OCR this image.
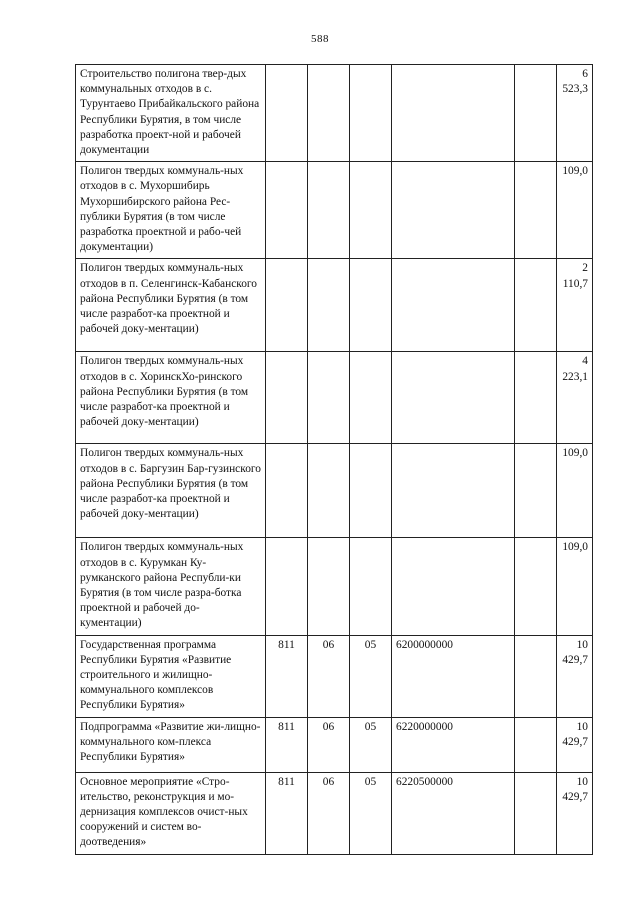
588
Строительство полигона твер-дых коммунальных отходов в с. Турунтаево Прибайкальского района Республики Бурятия, в том числе разработка проект-ной и рабочей документации						6 523,3
Полигон твердых коммуналь-ных отходов в с. Мухоршибирь Мухоршибирского района Рес-публики Бурятия (в том числе разработка проектной и рабо-чей документации)						109,0
Полигон твердых коммуналь-ных отходов в п. Селенгинск-Кабанского района Республики Бурятия (в том числе разработ-ка проектной и рабочей доку-ментации)						2 110,7
Полигон твердых коммуналь-ных отходов в с. ХоринскХо-ринского района Республики Бурятия (в том числе разработ-ка проектной и рабочей доку-ментации)						4 223,1
Полигон твердых коммуналь-ных отходов в с. Баргузин Бар-гузинского района Республики Бурятия (в том числе разработ-ка проектной и рабочей доку-ментации)						109,0
Полигон твердых коммуналь-ных отходов в с. Курумкан Ку-румканского района Республи-ки Бурятия (в том числе разра-ботка проектной и рабочей до-кументации)						109,0
Государственная программа Республики Бурятия «Развитие строительного и жилищно-коммунального комплексов Республики Бурятия»	811	06	05	6200000000		10 429,7
Подпрограмма «Развитие жи-лищно-коммунального ком-плекса Республики Бурятия»	811	06	05	6220000000		10 429,7
Основное мероприятие «Стро-ительство, реконструкция и мо-дернизация комплексов очист-ных сооружений и систем во-доотведения»	811	06	05	6220500000		10 429,7
